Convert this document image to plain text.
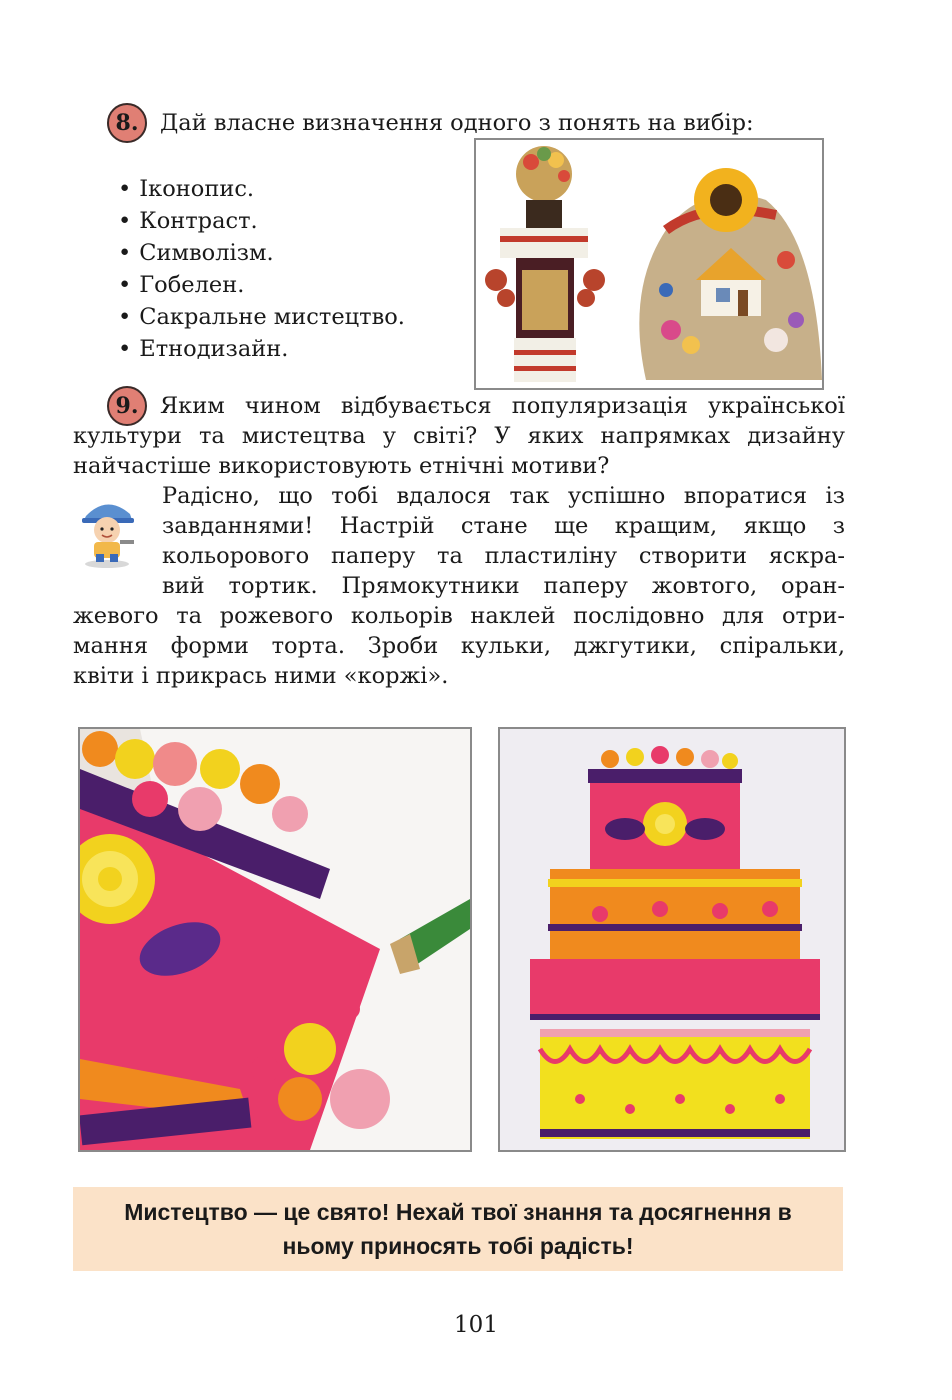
8. Дай власне визначення одного з понять на вибір:
• Іконопис.
• Контраст.
• Символізм.
• Гобелен.
• Сакральне мистецтво.
• Етнодизайн.
9. Яким чином відбувається популяризація української
культури та мистецтва у світі? У яких напрямках дизайну
найчастіше використовують етнічні мотиви?
Радісно, що тобі вдалося так успішно впоратися із
завданнями! Настрій стане ще кращим, якщо з
кольорового паперу та пластиліну створити яскра-
вий тортик. Прямокутники паперу жовтого, оран-
жевого та рожевого кольорів наклей послідовно для отри-
мання форми торта. Зроби кульки, джгутики, спіральки,
квіти і прикрась ними «коржі».
Мистецтво — це свято! Нехай твої знання та досягнення в ньому приносять тобі радість!
101
